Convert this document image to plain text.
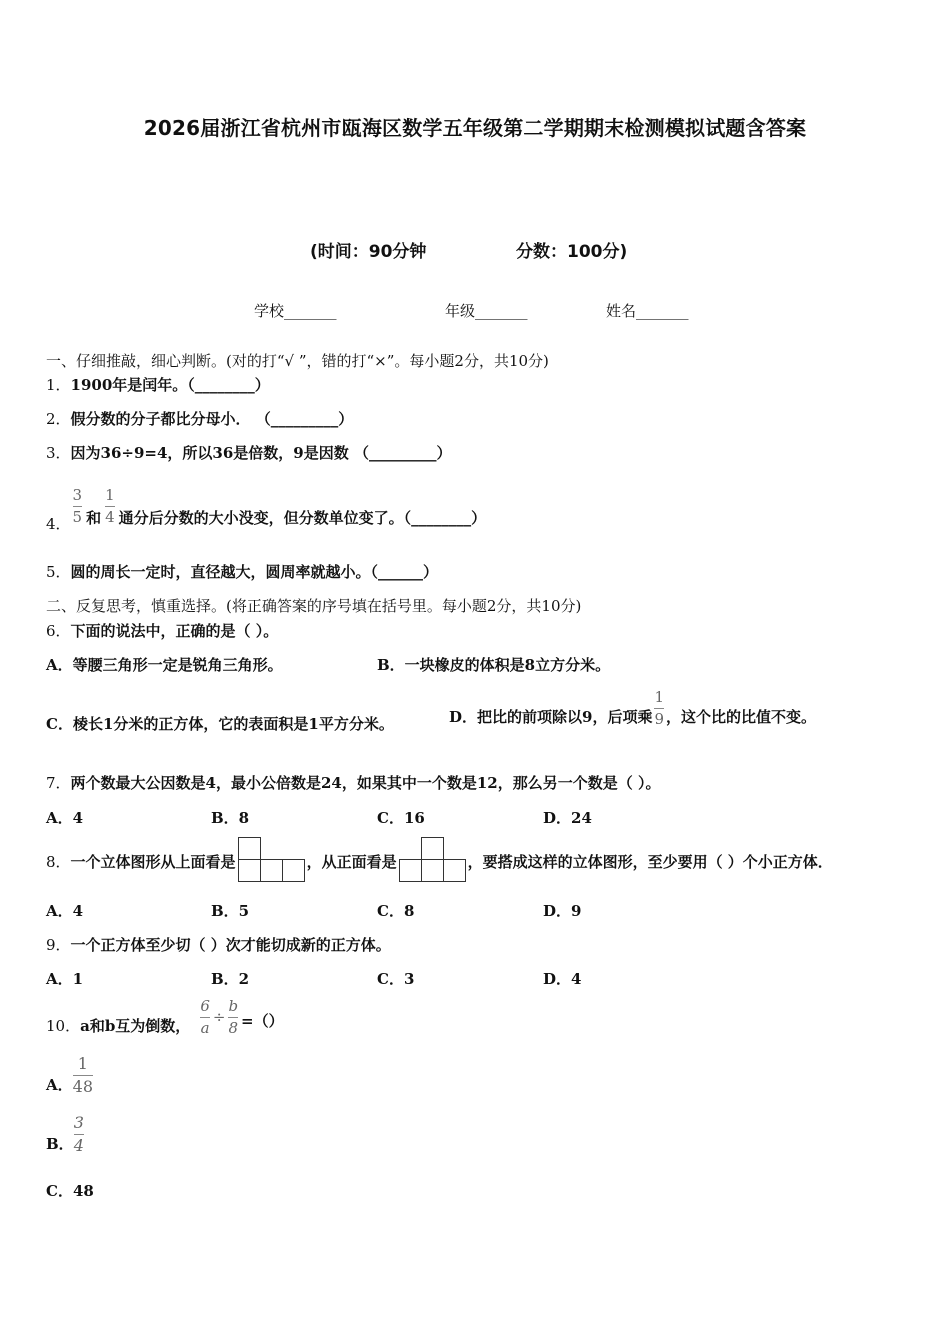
2026届浙江省杭州市瓯海区数学五年级第二学期期末检测模拟试题含答案
(时间：90分钟	分数：100分)
学校_______	年级_______	姓名_______
一、仔细推敲，细心判断。(对的打“√ ”，错的打“×”。每小题2分，共10分)
1．1900年是闰年。（________）
2．假分数的分子都比分母小． （_________）
3．因为36÷9=4，所以36是倍数，9是因数 （_________）
4． $\frac{3}{5}$ 和 $\frac{1}{4}$ 通分后分数的大小没变，但分数单位变了。（________）
5．圆的周长一定时，直径越大，圆周率就越小。（______）
二、反复思考，慎重选择。(将正确答案的序号填在括号里。每小题2分，共10分)
6．下面的说法中，正确的是（ ）。
A．等腰三角形一定是锐角三角形。	B．一块橡皮的体积是8立方分米。
C．棱长1分米的正方体，它的表面积是1平方分米。	D．把比的前项除以9，后项乘 $\frac{1}{9}$ ，这个比的比值不变。
7．两个数最大公因数是4，最小公倍数是24，如果其中一个数是12，那么另一个数是（ ）。
A．4	B．8	C．16	D．24
8． 一个立体图形从上面看是

			，从正面看是

			，要搭成这样的立体图形，至少要用（ ）个小正方体．
A．4	B．5	C．8	D．9
9．一个正方体至少切（ ）次才能切成新的正方体。
A．1	B．2	C．3	D．4
10． a和b互为倒数， $\frac{6}{a} \div \frac{b}{8}$ =（）
A． $\frac{1}{48}$
B． $\frac{3}{4}$
C．48
